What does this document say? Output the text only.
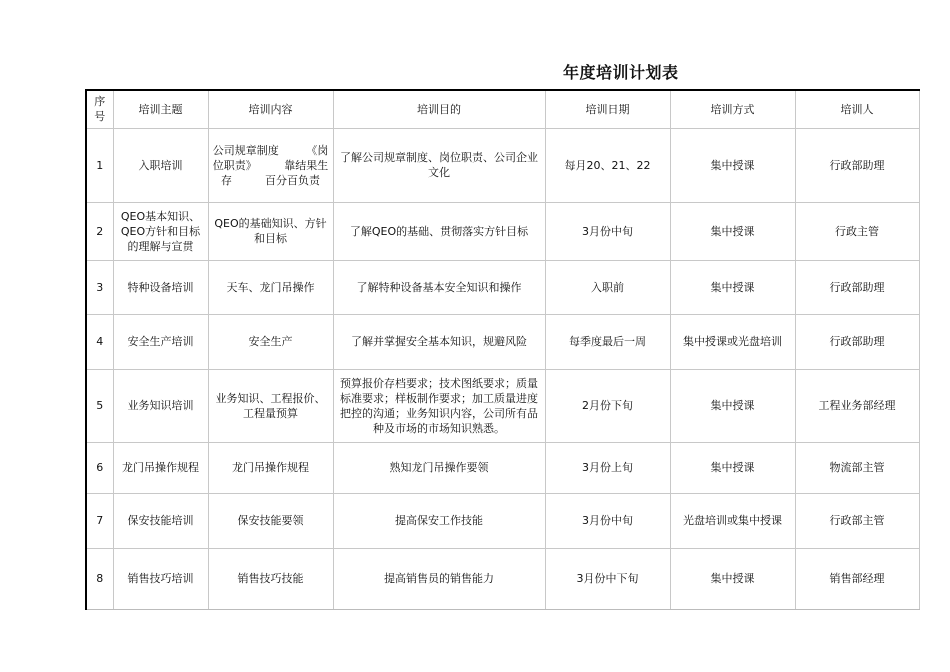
年度培训计划表
序号	培训主题	培训内容	培训目的	培训日期	培训方式	培训人
1	入职培训	公司规章制度　　　《岗位职责》　　　靠结果生存　　　百分百负责	了解公司规章制度、岗位职责、公司企业文化	每月20、21、22	集中授课	行政部助理
2	QEO基本知识、QEO方针和目标的理解与宣贯	QEO的基础知识、方针和目标	了解QEO的基础、贯彻落实方针目标	3月份中旬	集中授课	行政主管
3	特种设备培训	天车、龙门吊操作	了解特种设备基本安全知识和操作	入职前	集中授课	行政部助理
4	安全生产培训	安全生产	了解并掌握安全基本知识，规避风险	每季度最后一周	集中授课或光盘培训	行政部助理
5	业务知识培训	业务知识、工程报价、工程量预算	预算报价存档要求；技术图纸要求；质量标准要求；样板制作要求；加工质量进度把控的沟通；业务知识内容，公司所有品种及市场的市场知识熟悉。	2月份下旬	集中授课	工程业务部经理
6	龙门吊操作规程	龙门吊操作规程	熟知龙门吊操作要领	3月份上旬	集中授课	物流部主管
7	保安技能培训	保安技能要领	提高保安工作技能	3月份中旬	光盘培训或集中授课	行政部主管
8	销售技巧培训	销售技巧技能	提高销售员的销售能力	3月份中下旬	集中授课	销售部经理
